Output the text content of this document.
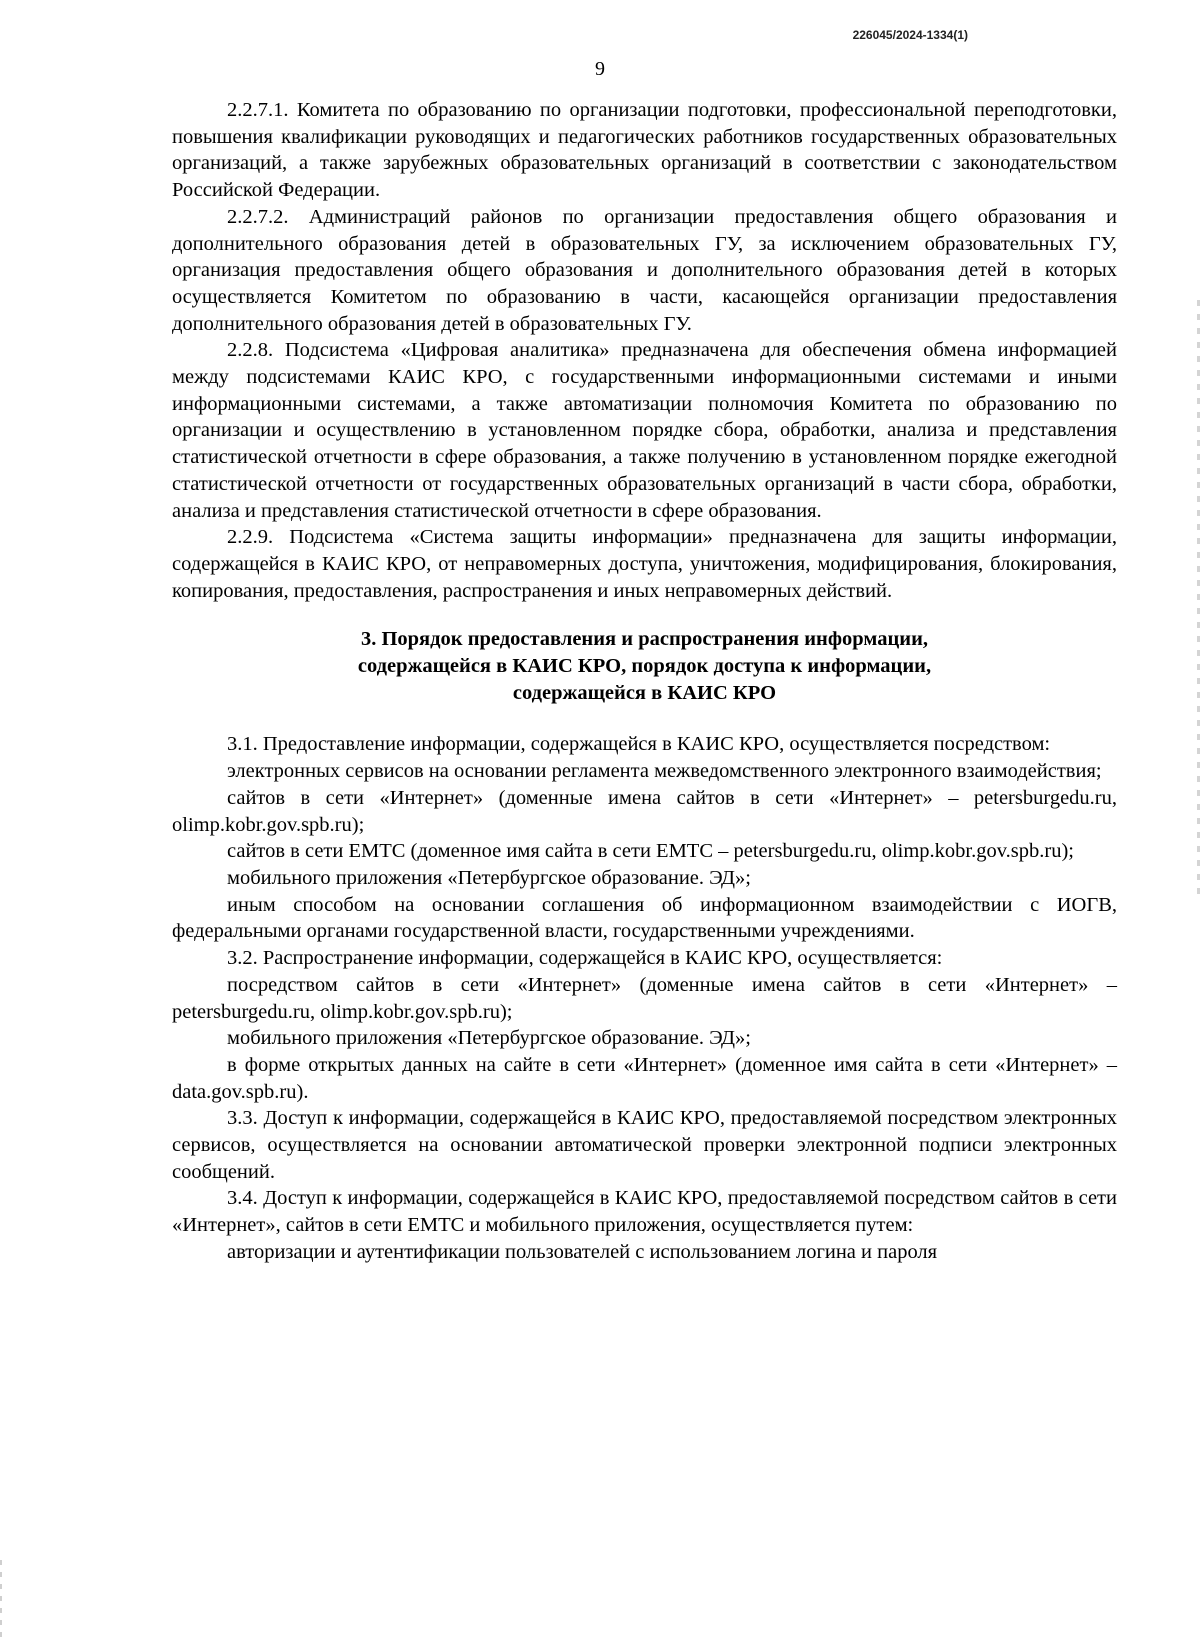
226045/2024-1334(1)
9

2.2.7.1. Комитета по образованию по организации подготовки, профессиональной переподготовки, повышения квалификации руководящих и педагогических работников государственных образовательных организаций, а также зарубежных образовательных организаций в соответствии с законодательством Российской Федерации.

2.2.7.2. Администраций районов по организации предоставления общего образования и дополнительного образования детей в образовательных ГУ, за исключением образовательных ГУ, организация предоставления общего образования и дополнительного образования детей в которых осуществляется Комитетом по образованию в части, касающейся организации предоставления дополнительного образования детей в образовательных ГУ.

2.2.8. Подсистема «Цифровая аналитика» предназначена для обеспечения обмена информацией между подсистемами КАИС КРО, с государственными информационными системами и иными информационными системами, а также автоматизации полномочия Комитета по образованию по организации и осуществлению в установленном порядке сбора, обработки, анализа и представления статистической отчетности в сфере образования, а также получению в установленном порядке ежегодной статистической отчетности от государственных образовательных организаций в части сбора, обработки, анализа и представления статистической отчетности в сфере образования.

2.2.9. Подсистема «Система защиты информации» предназначена для защиты информации, содержащейся в КАИС КРО, от неправомерных доступа, уничтожения, модифицирования, блокирования, копирования, предоставления, распространения и иных неправомерных действий.

3. Порядок предоставления и распространения информации,
содержащейся в КАИС КРО, порядок доступа к информации,
содержащейся в КАИС КРО

3.1. Предоставление информации, содержащейся в КАИС КРО, осуществляется посредством:

электронных сервисов на основании регламента межведомственного электронного взаимодействия;

сайтов в сети «Интернет» (доменные имена сайтов в сети «Интернет» – petersburgedu.ru, olimp.kobr.gov.spb.ru);

сайтов в сети ЕМТС (доменное имя сайта в сети ЕМТС – petersburgedu.ru, olimp.kobr.gov.spb.ru);

мобильного приложения «Петербургское образование. ЭД»;

иным способом на основании соглашения об информационном взаимодействии с ИОГВ, федеральными органами государственной власти, государственными учреждениями.

3.2. Распространение информации, содержащейся в КАИС КРО, осуществляется:

посредством сайтов в сети «Интернет» (доменные имена сайтов в сети «Интернет» – petersburgedu.ru, olimp.kobr.gov.spb.ru);

мобильного приложения «Петербургское образование. ЭД»;

в форме открытых данных на сайте в сети «Интернет» (доменное имя сайта в сети «Интернет» – data.gov.spb.ru).

3.3. Доступ к информации, содержащейся в КАИС КРО, предоставляемой посредством электронных сервисов, осуществляется на основании автоматической проверки электронной подписи электронных сообщений.

3.4. Доступ к информации, содержащейся в КАИС КРО, предоставляемой посредством сайтов в сети «Интернет», сайтов в сети ЕМТС и мобильного приложения, осуществляется путем:

авторизации и аутентификации пользователей с использованием логина и пароля
